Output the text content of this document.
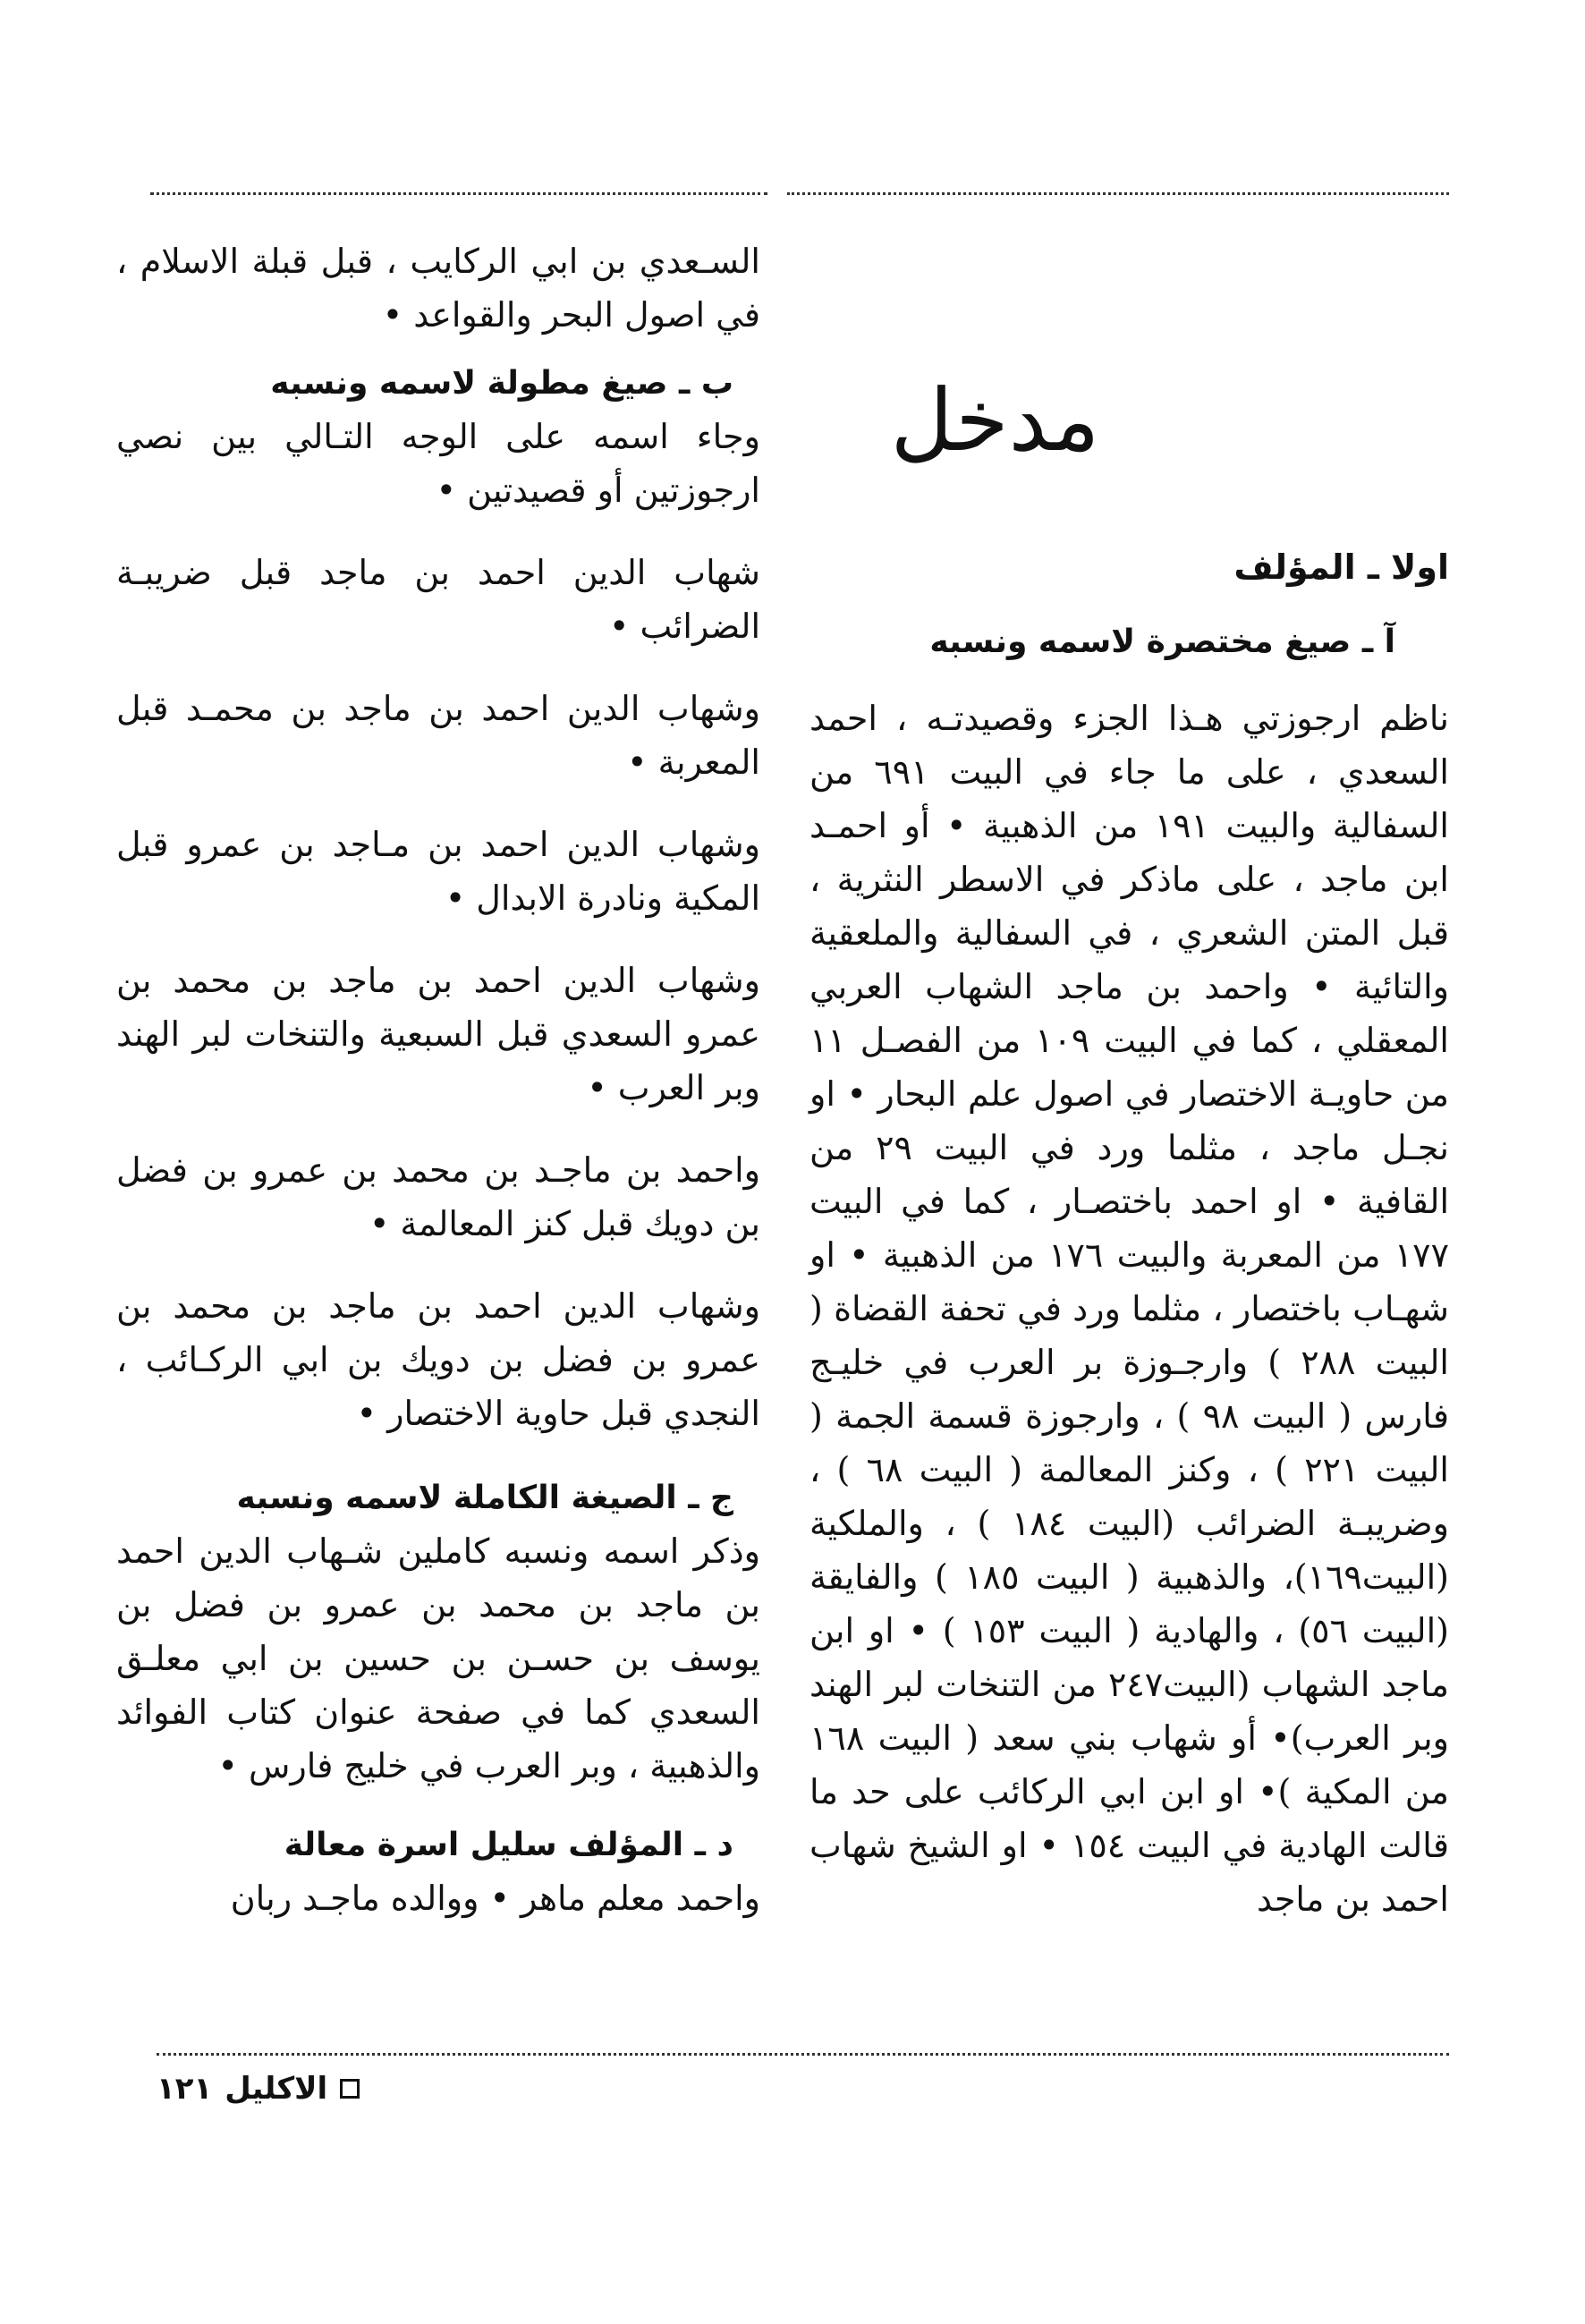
مدخل
اولا ـ المؤلف
آ ـ صيغ مختصرة لاسمه ونسبه

ناظم ارجوزتي هـذا الجزء وقصيدتـه ، احمد السعدي ، على ما جاء في البيت ٦٩١ من السفالية والبيت ١٩١ من الذهبية • أو احمـد ابن ماجد ، على ماذكر في الاسطر النثرية ، قبل المتن الشعري ، في السفالية والملعقية والتائية • واحمد بن ماجد الشهاب العربي المعقلي ، كما في البيت ١٠٩ من الفصـل ١١ من حاويـة الاختصار في اصول علم البحار • او نجـل ماجد ، مثلما ورد في البيت ٢٩ من القافية • او احمد باختصـار ، كما في البيت ١٧٧ من المعربة والبيت ١٧٦ من الذهبية • او شهـاب باختصار ، مثلما ورد في تحفة القضاة ( البيت ٢٨٨ ) وارجـوزة بر العرب في خليـج فارس ( البيت ٩٨ ) ، وارجوزة قسمة الجمة ( البيت ٢٢١ ) ، وكنز المعالمة ( البيت ٦٨ ) ، وضريبـة الضرائب (البيت ١٨٤ ) ، والملكية (البيت١٦٩)، والذهبية ( البيت ١٨٥ ) والفايقة (البيت ٥٦) ، والهادية ( البيت ١٥٣ ) • او ابن ماجد الشهاب (البيت٢٤٧ من التنخات لبر الهند وبر العرب)• أو شهاب بني سعد ( البيت ١٦٨ من المكية )• او ابن ابي الركائب على حد ما قالت الهادية في البيت ١٥٤ • او الشيخ شهاب احمد بن ماجد

السـعدي بن ابي الركايب ، قبل قبلة الاسلام ، في اصول البحر والقواعد •

ب ـ صيغ مطولة لاسمه ونسبه

وجاء اسمه على الوجه التـالي بين نصي ارجوزتين أو قصيدتين •

شهاب الدين احمد بن ماجد قبل ضريبـة الضرائب •

وشهاب الدين احمد بن ماجد بن محمـد قبل المعربة •

وشهاب الدين احمد بن مـاجد بن عمرو قبل المكية ونادرة الابدال •

وشهاب الدين احمد بن ماجد بن محمد بن عمرو السعدي قبل السبعية والتنخات لبر الهند وبر العرب •

واحمد بن ماجـد بن محمد بن عمرو بن فضل بن دويك قبل كنز المعالمة •

وشهاب الدين احمد بن ماجد بن محمد بن عمرو بن فضل بن دويك بن ابي الركـائب ، النجدي قبل حاوية الاختصار •

ج ـ الصيغة الكاملة لاسمه ونسبه

وذكر اسمه ونسبه كاملين شـهاب الدين احمد بن ماجد بن محمد بن عمرو بن فضل بن يوسف بن حسـن بن حسين بن ابي معلـق السعدي كما في صفحة عنوان كتاب الفوائد والذهبية ، وبر العرب في خليج فارس •

د ـ المؤلف سليل اسرة معالة

واحمد معلم ماهر • ووالده ماجـد ربان

الاكليل
١٢١
